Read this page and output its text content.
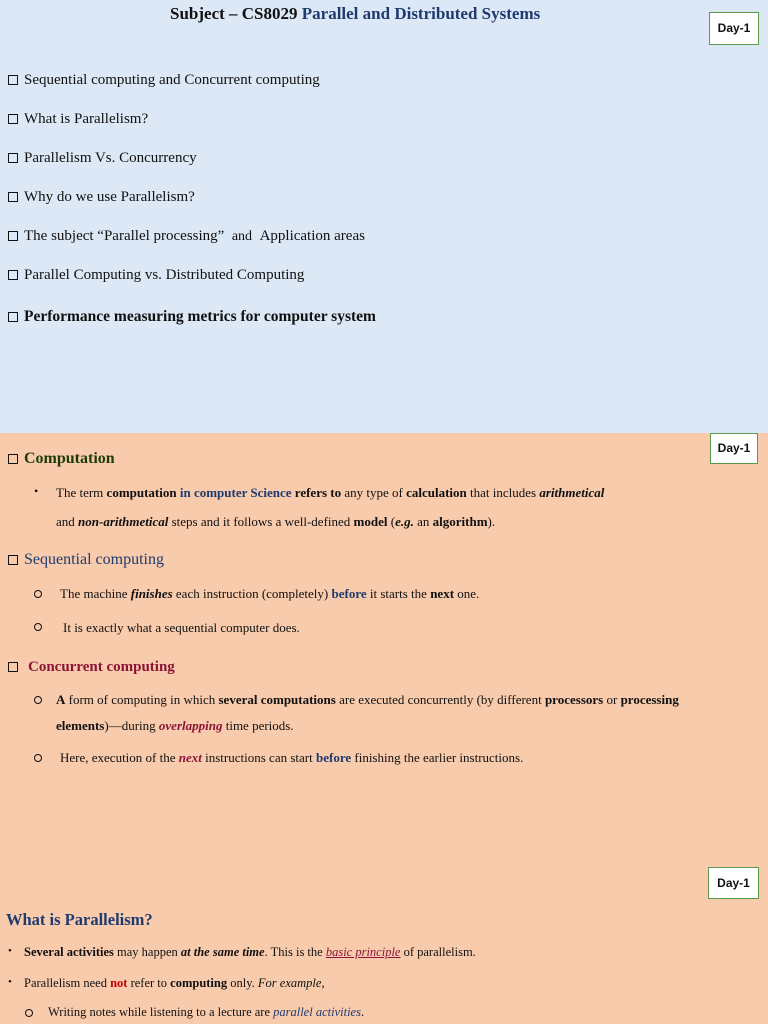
Subject – CS8029 Parallel and Distributed Systems
Day-1
Sequential computing and Concurrent computing
What is Parallelism?
Parallelism Vs. Concurrency
Why do we use Parallelism?
The subject “Parallel processing” and Application areas
Parallel Computing vs. Distributed Computing
Performance measuring metrics for computer system
Day-1
Computation
• The term computation in computer Science refers to any type of calculation that includes arithmetical
and non-arithmetical steps and it follows a well-defined model (e.g. an algorithm).
Sequential computing
The machine finishes each instruction (completely) before it starts the next one.
It is exactly what a sequential computer does.
Concurrent computing
A form of computing in which several computations are executed concurrently (by different processors or processing
elements)—during overlapping time periods.
Here, execution of the next instructions can start before finishing the earlier instructions.
Day-1
What is Parallelism?
• Several activities may happen at the same time. This is the basic principle of parallelism.
• Parallelism need not refer to computing only. For example,
Writing notes while listening to a lecture are parallel activities.
